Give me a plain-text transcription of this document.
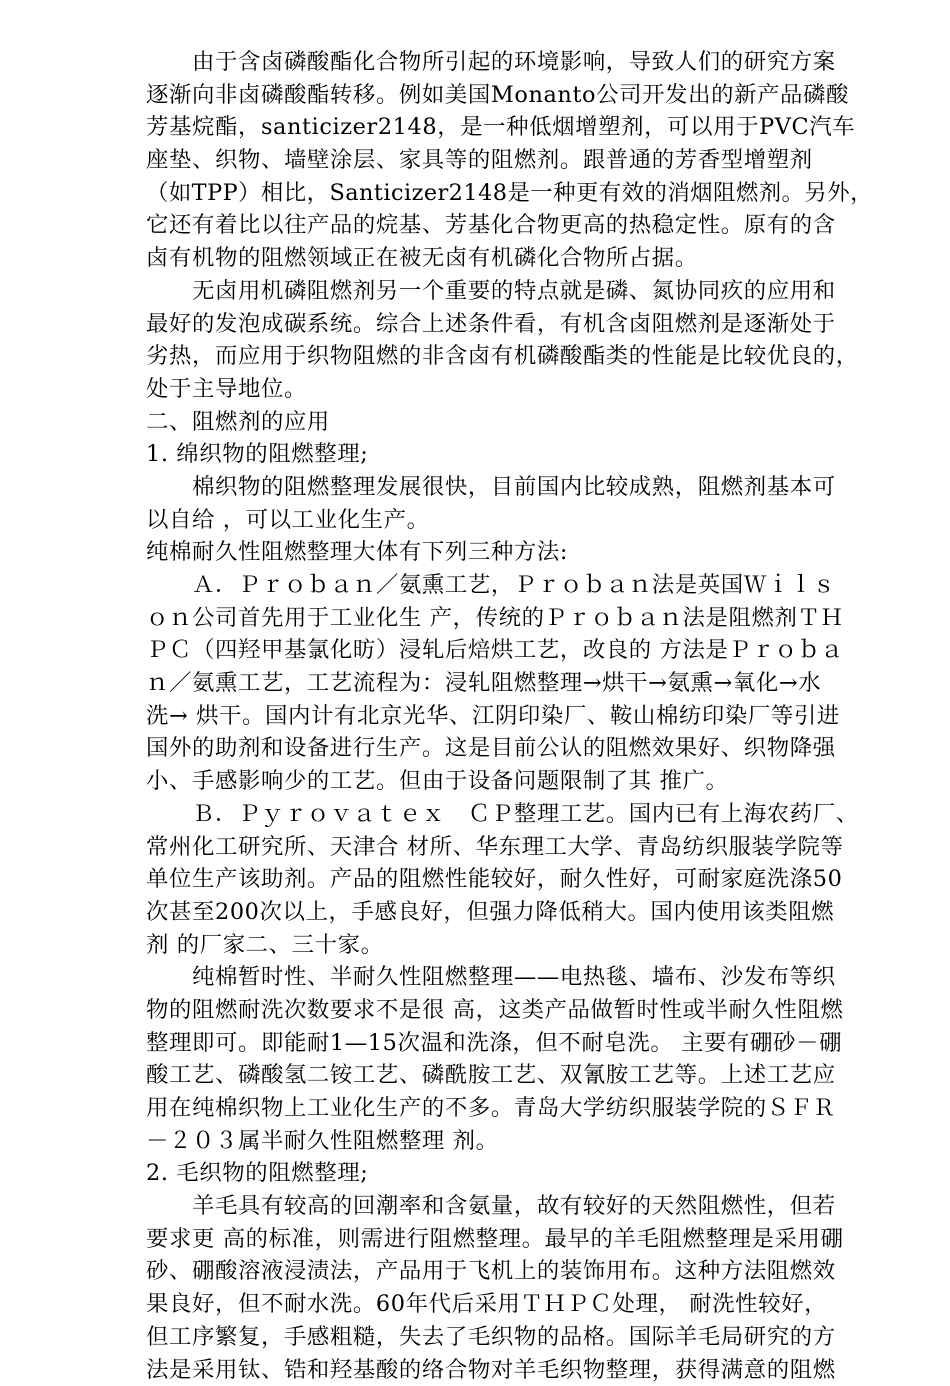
　　由于含卤磷酸酯化合物所引起的环境影响，导致人们的研究方案
逐渐向非卤磷酸酯转移。例如美国Monanto公司开发出的新产品磷酸
芳基烷酯，santicizer2148，是一种低烟增塑剂，可以用于PVC汽车
座垫、织物、墙壁涂层、家具等的阻燃剂。跟普通的芳香型增塑剂
（如TPP）相比，Santicizer2148是一种更有效的消烟阻燃剂。另外，
它还有着比以往产品的烷基、芳基化合物更高的热稳定性。原有的含
卤有机物的阻燃领域正在被无卤有机磷化合物所占据。
　　无卤用机磷阻燃剂另一个重要的特点就是磷、氮协同疚的应用和
最好的发泡成碳系统。综合上述条件看，有机含卤阻燃剂是逐渐处于
劣热，而应用于织物阻燃的非含卤有机磷酸酯类的性能是比较优良的，
处于主导地位。
二、阻燃剂的应用
1. 绵织物的阻燃整理;
　　棉织物的阻燃整理发展很快，目前国内比较成熟，阻燃剂基本可
以自给 ，可以工业化生产。
纯棉耐久性阻燃整理大体有下列三种方法:
　　Ａ．Ｐｒｏｂａｎ／氨熏工艺，Ｐｒｏｂａｎ法是英国Ｗｉｌｓ
ｏｎ公司首先用于工业化生 产，传统的Ｐｒｏｂａｎ法是阻燃剂ＴＨ
ＰＣ（四羟甲基氯化昉）浸轧后焙烘工艺，改良的 方法是Ｐｒｏｂａ
ｎ／氨熏工艺，工艺流程为：浸轧阻燃整理→烘干→氨熏→氧化→水
洗→ 烘干。国内计有北京光华、江阴印染厂、鞍山棉纺印染厂等引进
国外的助剂和设备进行生产。这是目前公认的阻燃效果好、织物降强
小、手感影响少的工艺。但由于设备问题限制了其 推广。
　　Ｂ．Ｐｙｒｏｖａｔｅｘ　ＣＰ整理工艺。国内已有上海农药厂、
常州化工研究所、天津合 材所、华东理工大学、青岛纺织服装学院等
单位生产该助剂。产品的阻燃性能较好，耐久性好，可耐家庭洗涤50
次甚至200次以上，手感良好，但强力降低稍大。国内使用该类阻燃
剂 的厂家二、三十家。
　　纯棉暂时性、半耐久性阻燃整理——电热毯、墙布、沙发布等织
物的阻燃耐洗次数要求不是很 高，这类产品做暂时性或半耐久性阻燃
整理即可。即能耐1—15次温和洗涤，但不耐皂洗。 主要有硼砂－硼
酸工艺、磷酸氢二铵工艺、磷酰胺工艺、双氰胺工艺等。上述工艺应
用在纯棉织物上工业化生产的不多。青岛大学纺织服装学院的ＳＦＲ
－２０３属半耐久性阻燃整理 剂。
2. 毛织物的阻燃整理;
　　羊毛具有较高的回潮率和含氨量，故有较好的天然阻燃性，但若
要求更 高的标准，则需进行阻燃整理。最早的羊毛阻燃整理是采用硼
砂、硼酸溶液浸渍法，产品用于飞机上的装饰用布。这种方法阻燃效
果良好，但不耐水洗。60年代后采用ＴＨＰＣ处理， 耐洗性较好，
但工序繁复，手感粗糙，失去了毛织物的品格。国际羊毛局研究的方
法是采用钛、锆和羟基酸的络合物对羊毛织物整理，获得满意的阻燃
